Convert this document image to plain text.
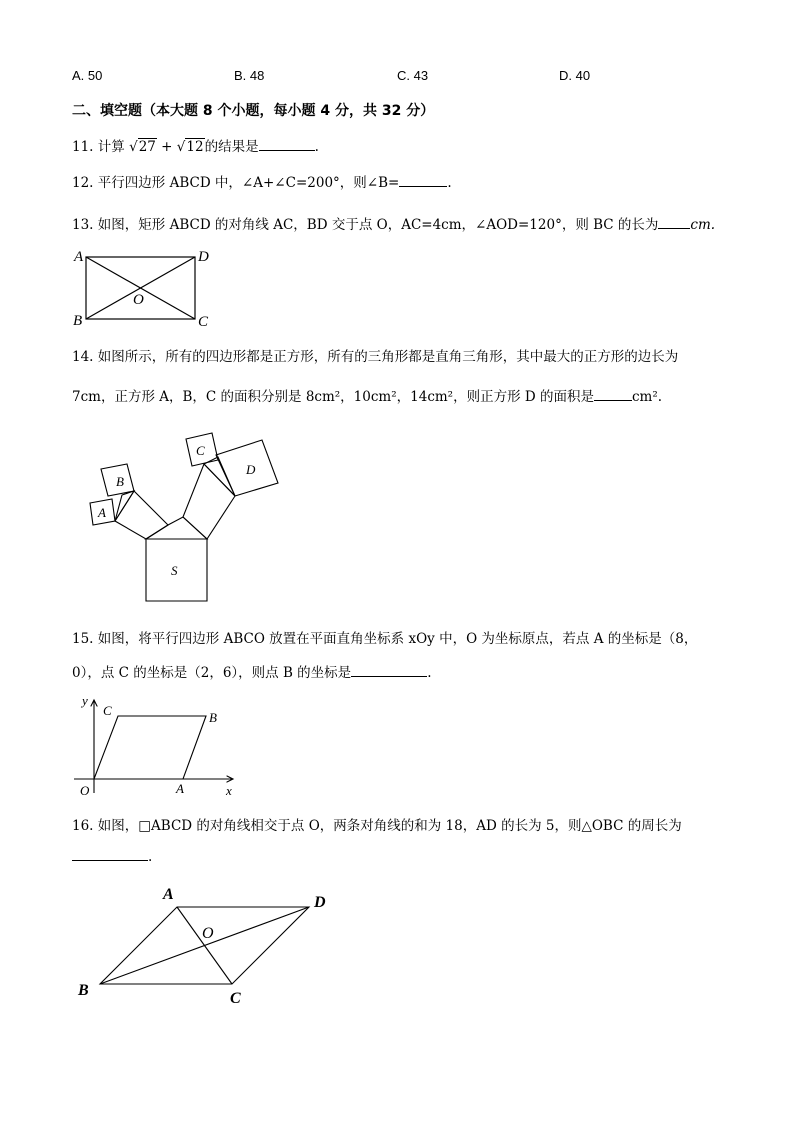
A. 50	B. 48	C. 43	D. 40
二、填空题（本大题 8 个小题，每小题 4 分，共 32 分）
11. 计算 √27 + √12的结果是	.
12. 平行四边形 ABCD 中，∠A+∠C=200°，则∠B=	.
13. 如图，矩形 ABCD 的对角线 AC，BD 交于点 O，AC=4cm，∠AOD=120°，则 BC 的长为 cm.
A	D
B	C
O
14. 如图所示，所有的四边形都是正方形，所有的三角形都是直角三角形，其中最大的正方形的边长为
7cm，正方形 A，B，C 的面积分别是 8cm²，10cm²，14cm²，则正方形 D 的面积是	cm².
S
A
B
C
D
15. 如图，将平行四边形 ABCO 放置在平面直角坐标系 xOy 中，O 为坐标原点，若点 A 的坐标是（8，
0），点 C 的坐标是（2，6），则点 B 的坐标是	.
y
x
O	A
B
C
16. 如图，□ABCD 的对角线相交于点 O，两条对角线的和为 18，AD 的长为 5，则△OBC 的周长为
.
A	D
B	C
O
